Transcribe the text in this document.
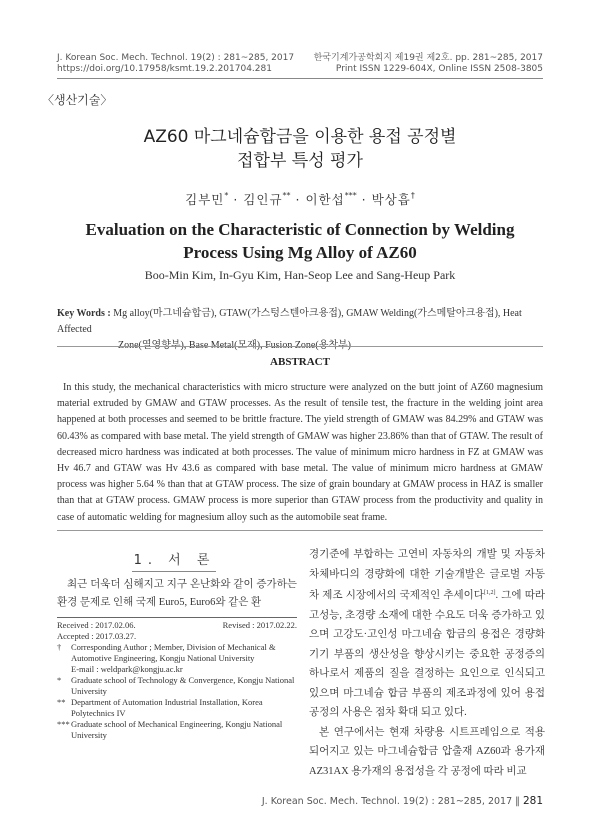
J. Korean Soc. Mech. Technol. 19(2) : 281~285, 2017
https://doi.org/10.17958/ksmt.19.2.201704.281
한국기계가공학회지 제19권 제2호. pp. 281~285, 2017
Print ISSN 1229-604X, Online ISSN 2508-3805
〈생산기술〉
AZ60 마그네슘합금을 이용한 용접 공정별
접합부 특성 평가
김부민* · 김인규** · 이한섭*** · 박상흡†
Evaluation on the Characteristic of Connection by Welding
Process Using Mg Alloy of AZ60
Boo-Min Kim, In-Gyu Kim, Han-Seop Lee and Sang-Heup Park
Key Words : Mg alloy(마그네슘합금), GTAW(가스텅스텐아크용접), GMAW Welding(가스메탈아크용접), Heat Affected
Zone(열영향부), Base Metal(모재), Fusion Zone(용착부)
ABSTRACT
In this study, the mechanical characteristics with micro structure were analyzed on the butt joint of AZ60 magnesium material extruded by GMAW and GTAW processes. As the result of tensile test, the fracture in the welding joint area happened at both processes and seemed to be brittle fracture. The yield strength of GMAW was 84.29% and GTAW was 60.43% as compared with base metal. The yield strength of GMAW was higher 23.86% than that of GTAW. The result of decreased micro hardness was indicated at both processes. The value of minimum micro hardness in FZ at GMAW was Hv 46.7 and GTAW was Hv 43.6 as compared with base metal. The value of minimum micro hardness at GMAW process was higher 5.64 % than that at GTAW process. The size of grain boundary at GMAW process in HAZ is smaller than that at GTAW process. GMAW process is more superior than GTAW process from the productivity and quality in case of automatic welding for magnesium alloy such as the automobile seat frame.
1. 서 론
최근 더욱더 심해지고 지구 온난화와 같이 증가하는 환경 문제로 인해 국제 Euro5, Euro6와 같은 환
Received : 2017.02.06.	Revised : 2017.02.22.
Accepted : 2017.03.27.
†	Corresponding Author ; Member, Division of Mechanical & Automotive Engineering, Kongju National University
E-mail : weldpark@kongju.ac.kr
*	Graduate school of Technology & Convergence, Kongju National University
** Department of Automation Industrial Installation, Korea Polytechnics IV
*** Graduate school of Mechanical Engineering, Kongju National University

경기준에 부합하는 고연비 자동차의 개발 및 자동차 차체바디의 경량화에 대한 기술개발은 글로벌 자동차 제조 시장에서의 국제적인 추세이다[1,2]. 그에 따라 고성능, 초경량 소재에 대한 수요도 더욱 증가하고 있으며 고강도·고인성 마그네슘 합금의 용접은 경량화 기기 부품의 생산성을 향상시키는 중요한 공정증의 하나로서 제품의 질을 결정하는 요인으로 인식되고 있으며 마그네슘 합금 부품의 제조과정에 있어 용접 공정의 사용은 점차 확대 되고 있다.

본 연구에서는 현재 차량용 시트프레임으로 적용되어지고 있는 마그네슘합금 압출재 AZ60과 용가재 AZ31AX 용가재의 용접성을 각 공정에 따라 비교

J. Korean Soc. Mech. Technol. 19(2) : 281~285, 2017 ‖ 281
